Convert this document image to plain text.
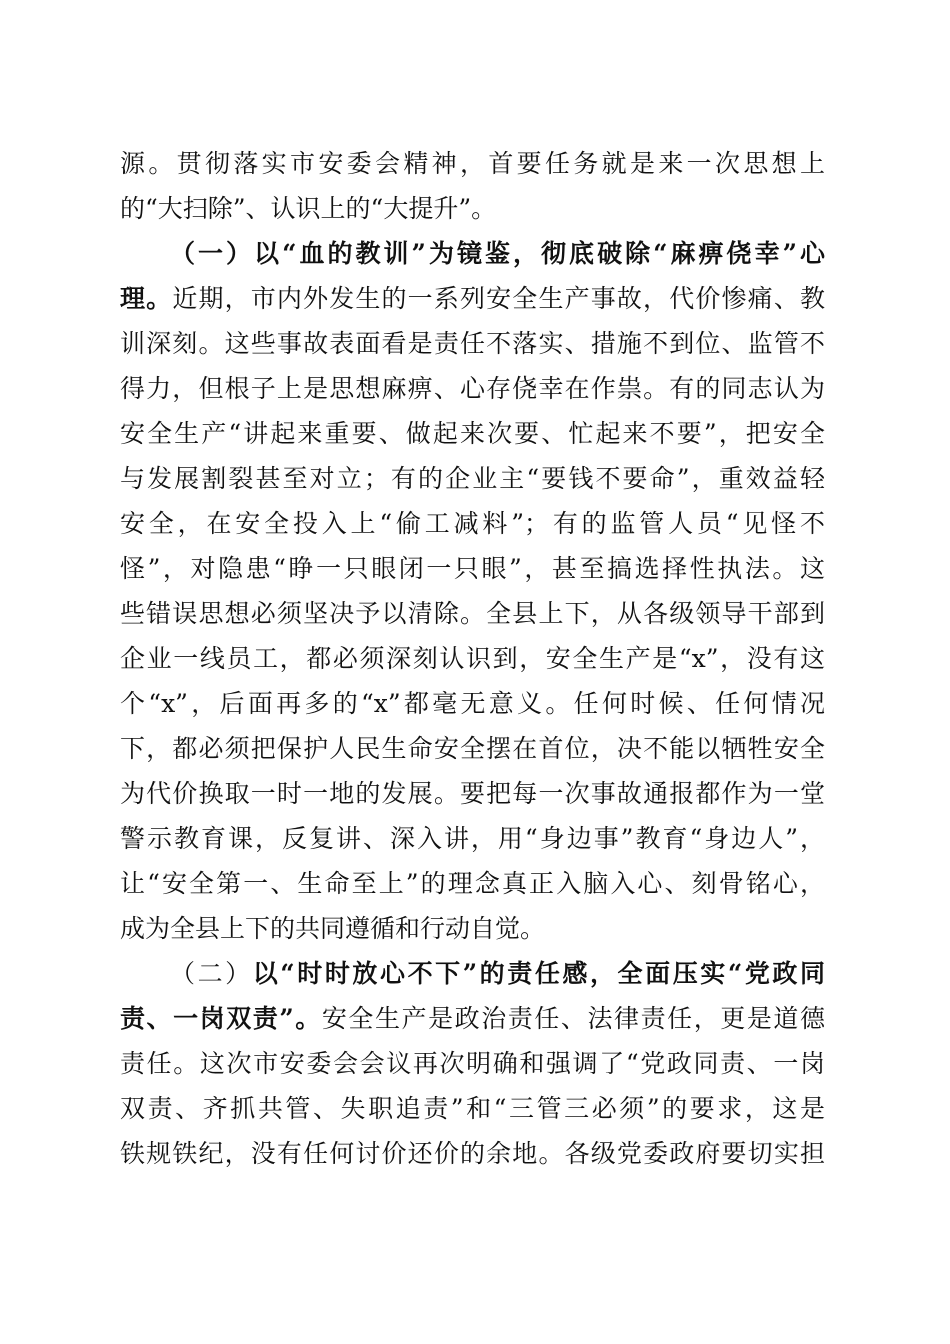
源。贯彻落实市安委会精神，首要任务就是来一次思想上
的“大扫除”、认识上的“大提升”。
（一）以“血的教训”为镜鉴，彻底破除“麻痹侥幸”心
理。近期，市内外发生的一系列安全生产事故，代价惨痛、教
训深刻。这些事故表面看是责任不落实、措施不到位、监管不
得力，但根子上是思想麻痹、心存侥幸在作祟。有的同志认为
安全生产“讲起来重要、做起来次要、忙起来不要”，把安全
与发展割裂甚至对立；有的企业主“要钱不要命”，重效益轻
安全，在安全投入上“偷工减料”；有的监管人员“见怪不
怪”，对隐患“睁一只眼闭一只眼”，甚至搞选择性执法。这
些错误思想必须坚决予以清除。全县上下，从各级领导干部到
企业一线员工，都必须深刻认识到，安全生产是“x”，没有这
个“x”，后面再多的“x”都毫无意义。任何时候、任何情况
下，都必须把保护人民生命安全摆在首位，决不能以牺牲安全
为代价换取一时一地的发展。要把每一次事故通报都作为一堂
警示教育课，反复讲、深入讲，用“身边事”教育“身边人”，
让“安全第一、生命至上”的理念真正入脑入心、刻骨铭心，
成为全县上下的共同遵循和行动自觉。
（二）以“时时放心不下”的责任感，全面压实“党政同
责、一岗双责”。安全生产是政治责任、法律责任，更是道德
责任。这次市安委会会议再次明确和强调了“党政同责、一岗
双责、齐抓共管、失职追责”和“三管三必须”的要求，这是
铁规铁纪，没有任何讨价还价的余地。各级党委政府要切实担
